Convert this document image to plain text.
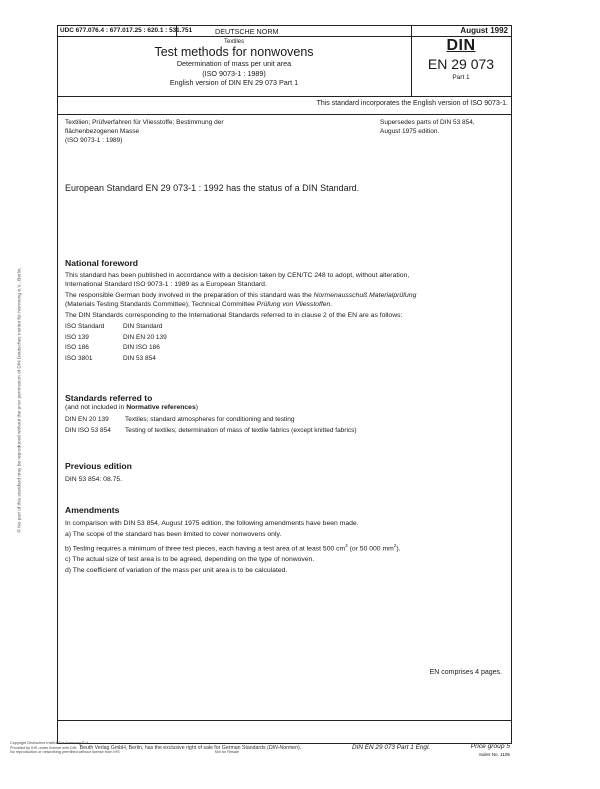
UDC 677.076.4 : 677.017.25 : 620.1 : 531.751	DEUTSCHE NORM	August 1992
Textiles
Test methods for nonwovens
Determination of mass per unit area
(ISO 9073-1 : 1989)
English version of DIN EN 29 073 Part 1
DIN
EN 29 073
Part 1
This standard incorporates the English version of ISO 9073-1.
Textilien; Prüfverfahren für Vliesstoffe; Bestimmung der
flächenbezogenen Masse
(ISO 9073-1 : 1989)
Supersedes parts of DIN 53 854,
August 1975 edition.
European Standard EN 29 073-1 : 1992 has the status of a DIN Standard.
National foreword
This standard has been published in accordance with a decision taken by CEN/TC 248 to adopt, without alteration,
International Standard ISO 9073-1 : 1989 as a European Standard.
The responsible German body involved in the preparation of this standard was the Normenausschuß Materialprüfung
(Materials Testing Standards Committee), Technical Committee Prüfung von Vliesstoffen.
The DIN Standards corresponding to the International Standards referred to in clause 2 of the EN are as follows:
ISO Standard	DIN Standard
ISO 139	DIN EN 20 139
ISO 186	DIN ISO 186
ISO 3801	DIN 53 854
Standards referred to
(and not included in Normative references)
DIN EN 20 139	Textiles; standard atmospheres for conditioning and testing
DIN ISO 53 854	Testing of textiles; determination of mass of textile fabrics (except knitted fabrics)
Previous edition
DIN 53 854: 08.75.
Amendments
In comparison with DIN 53 854, August 1975 edition, the following amendments have been made.
a) The scope of the standard has been limited to cover nonwovens only.
b) Testing requires a minimum of three test pieces, each having a test area of at least 500 $cm^2$ (or 50 000 $mm^2$).
c) The actual size of test area is to be agreed, depending on the type of nonwoven.
d) The coefficient of variation of the mass per unit area is to be calculated.
EN comprises 4 pages.
© No part of this standard may be reproduced without the prior permission of DIN Deutsches Institut für Normung e.V., Berlin.
Copyright Deutsches Institut Fur Normung E.V.
Provided by IHS under license with DIN Beuth Verlag GmbH, Berlin, has the exclusive right of sale for German Standards (DIN-Normen).
No reproduction or networking permitted without license from IHS	Not for Resale
DIN EN 29 073 Part 1 Engl.	Price group 5
Sales No. 1105
